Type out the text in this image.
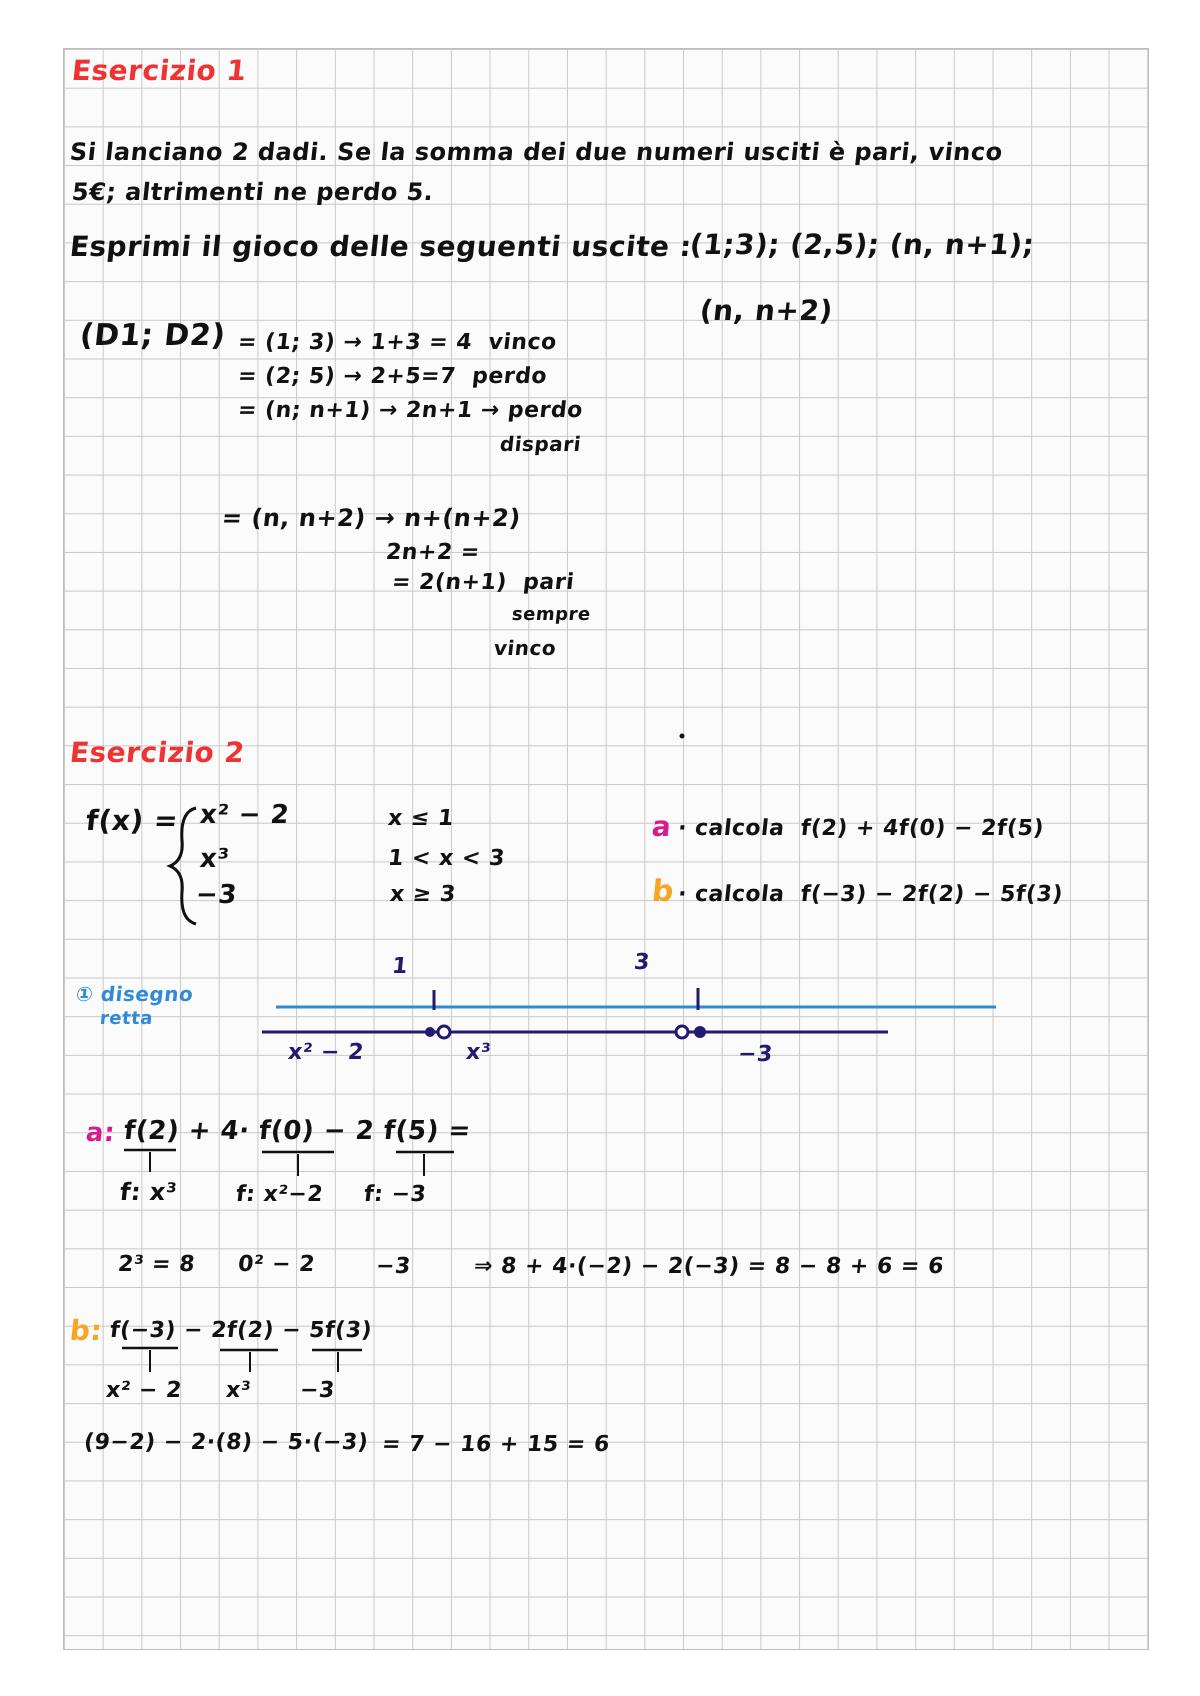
Esercizio 1
Si lanciano 2 dadi. Se la somma dei due numeri usciti è pari, vinco
5€; altrimenti ne perdo 5.
Esprimi il gioco delle seguenti uscite :
(1;3); (2,5); (n, n+1);
(n, n+2)
(D1; D2) = (1; 3) → 1+3 = 4  vinco
= (2; 5) → 2+5=7  perdo
= (n; n+1) → 2n+1 → perdo
dispari
= (n, n+2) → n+(n+2)
2n+2 =
= 2(n+1)  pari
sempre
vinco
Esercizio 2
f(x) = x² − 2	x ≤ 1
x³	1 < x < 3
−3	x ≥ 3
a · calcola  f(2) + 4f(0) − 2f(5)
b · calcola  f(−3) − 2f(2) − 5f(3)
① disegno
retta
1	3
x² − 2	x³	−3
a: f(2) + 4· f(0) − 2 f(5) =
f: x³	f: x²−2 f: −3
2³ = 8 0² − 2	−3	⇒ 8 + 4·(−2) − 2(−3) = 8 − 8 + 6 = 6
b: f(−3) − 2f(2) − 5f(3)
x² − 2 x³ −3
(9−2) − 2·(8) − 5·(−3) = 7 − 16 + 15 = 6
